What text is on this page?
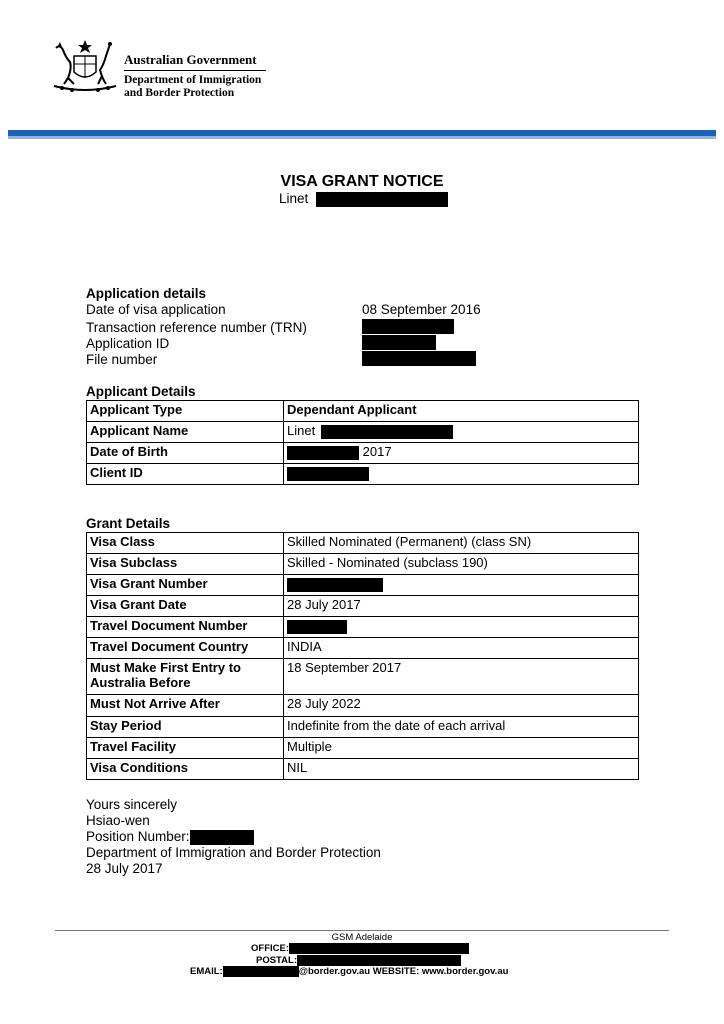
Australian Government
Department of Immigration
and Border Protection
VISA GRANT NOTICE
Linet
Application details
Date of visa application	08 September 2016
Transaction reference number (TRN)
Application ID
File number
Applicant Details
Applicant Type	Dependant Applicant
Applicant Name	Linet
Date of Birth	2017
Client ID	
Grant Details
Visa Class	Skilled Nominated (Permanent) (class SN)
Visa Subclass	Skilled - Nominated (subclass 190)
Visa Grant Number	
Visa Grant Date	28 July 2017
Travel Document Number	
Travel Document Country	INDIA
Must Make First Entry to Australia Before	18 September 2017
Must Not Arrive After	28 July 2022
Stay Period	Indefinite from the date of each arrival
Travel Facility	Multiple
Visa Conditions	NIL
Yours sincerely
Hsiao-wen
Position Number:
Department of Immigration and Border Protection
28 July 2017
GSM Adelaide
OFFICE:
POSTAL:
EMAIL:	@border.gov.au WEBSITE: www.border.gov.au
